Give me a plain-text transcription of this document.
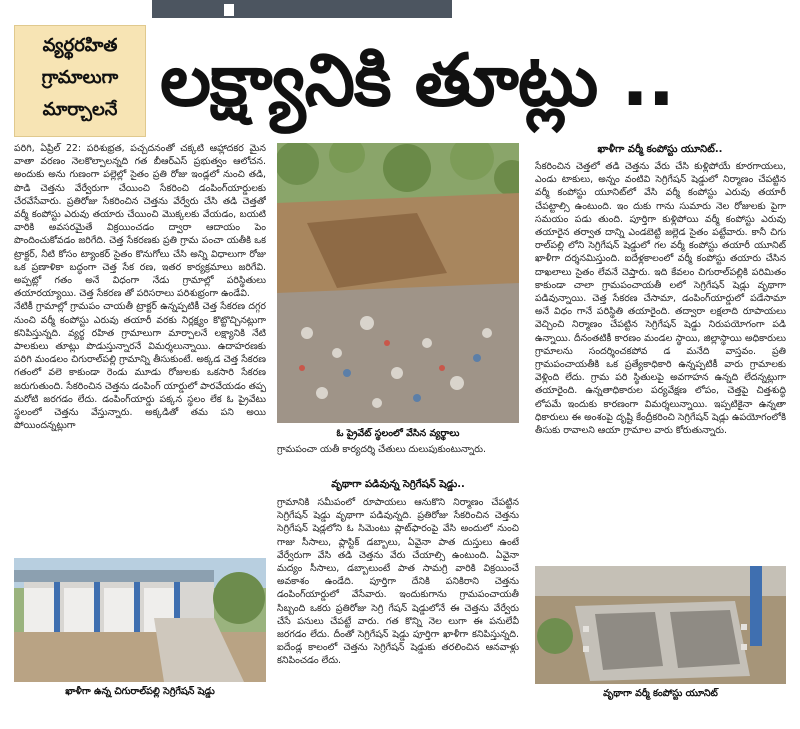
వ్యర్థరహిత
గ్రామాలుగా
మార్చాలనే లక్ష్యానికి తూట్లు ..

పరిగి, ఏప్రిల్ 22: పరిశుభ్రత, పచ్చదనంతో చక్కటి ఆహ్లాదకర మైన వాతా వరణం నెలకొల్పాలన్నది గత బీఆర్ఎస్ ప్రభుత్వం ఆలోచన. అందుకు అను గుణంగా పల్లెల్లో సైతం ప్రతి రోజు ఇండ్లలో నుంచి తడి, పొడి చెత్తను వేర్వేరుగా చేయించి సేకరించి డంపింగ్‌యార్డులకు చేరవేసేవారు. ప్రతిరోజు సేకరించిన చెత్తను వేర్వేరు చేసి తడి చెత్తతో వర్మీ కంపోస్టు ఎరువు తయారు చేయించి మొక్కలకు వేయడం, బయటి వారికి అవసరమైతే విక్రయించడం ద్వారా ఆదాయం పెం పొందించుకోవడం జరిగేది. చెత్త సేకరణకు ప్రతి గ్రామ పంచా యతీకి ఒక ట్రాక్టర్, నీటి కోసం ట్యాంకర్ సైతం కొనుగోలు చేసి అన్ని విధాలుగా రోజు ఒక ప్రణాళికా బద్ధంగా చెత్త సేక రణ, ఇతర కార్యక్రమాలు జరిగేవి. అప్పట్లో గతం అనే విధంగా నేడు గ్రామాల్లో పరిస్థితులు తయారయ్యాయి. చెత్త సేకరణ తో పరిసరాలు పరిశుభ్రంగా ఉండేవి.

నేటికీ గ్రామాల్లో గ్రామపం చాయతీ ట్రాక్టర్ ఉన్నప్పటికీ చెత్త సేకరణ దగ్గర నుంచి వర్మీ కంపోస్టు ఎరువు తయారీ వరకు నిర్లక్ష్యం కొట్టొచ్చినట్లుగా కనిపిస్తున్నది. వ్యర్థ రహిత గ్రామాలుగా మార్చాలనే లక్ష్యానికి నేటి పాలకులు తూట్లు పొడుస్తున్నారనే విమర్శలున్నాయి. ఉదాహరణకు పరిగి మండలం చిగురాల్‌పల్లి గ్రామాన్ని తీసుకుంటే. అక్కడ చెత్త సేకరణ గతంలో వలె కాకుండా రెండు మూడు రోజులకు ఒకసారి సేకరణ జరుగుతుంది. సేకరించిన చెత్తను డంపింగ్ యార్డులో పారవేయడం తప్ప మరోటి జరగడం లేదు. డంపింగ్‌యార్డు పక్కన స్థలం లేక ఓ ప్రైవేటు స్థలంలో చెత్తను వేస్తున్నారు. అక్కడితో తమ పని అయి పోయిందన్నట్లుగా

ఓ ప్రైవేట్ స్థలంలో వేసిన వ్యర్థాలు
గ్రామపంచా యతీ కార్యదర్శి చేతులు దులుపుకుంటున్నారు.
వృథాగా పడివున్న సెగ్రిగేషన్ షెడ్డు..
గ్రామానికి సమీపంలో రూపాయలు ఆనుకొని నిర్మాణం చేపట్టిన సెగ్రిగేషన్ షెడ్డు వృథాగా పడివున్నది. ప్రతిరోజు సేకరించిన చెత్తను సెగ్రిగేషన్ షెడ్లలోని ఓ సిమెంటు ప్లాట్‌ఫారంపై వేసి అందులో నుంచి గాజు సీసాలు, ప్లాస్టిక్ డబ్బాలు, ఏవైనా పాత దుస్తులు ఉంటే వేర్వేరుగా వేసి తడి చెత్తను వేరు చేయాల్సి ఉంటుంది. ఏవైనా మద్యం సీసాలు, డబ్బాలుంటే పాత సామగ్రి వారికి విక్రయించే అవకాశం ఉండేది. పూర్తిగా దేనికి పనికిరాని చెత్తను డంపింగ్‌యార్డులో వేసేవారు. ఇందుకుగాను గ్రామపంచాయతీ సిబ్బంది ఒకరు ప్రతిరోజు సెగ్రి గేషన్ షెడ్డులోనే ఈ చెత్తను వేర్వేరు చేసే పనులు చేపట్టే వారు. గత కొన్ని నెల లుగా ఈ పనులేవీ జరగడం లేదు. దీంతో సెగ్రిగేషన్ షెడ్డు పూర్తిగా ఖాళీగా కనిపిస్తున్నది. ఐదేండ్ల కాలంలో చెత్తను సెగ్రిగేషన్ షెడ్డుకు తరలించిన ఆనవాళ్లు కనిపించడం లేదు.
ఖాళీగా వర్మీ కంపోస్టు యూనిట్..
సేకరించిన చెత్తలో తడి చెత్తను వేరు చేసి కుళ్లిపోయే కూరగాయలు, ఎండు టాకులు, అన్నం వంటివి సెగ్రిగేషన్ షెడ్డులో నిర్మాణం చేపట్టిన వర్మీ కంపోస్టు యూనిట్‌లో వేసి వర్మీ కంపోస్టు ఎరువు తయారీ చేపట్టాల్సి ఉంటుంది. ఇం దుకు గాను సుమారు నెల రోజులకు పైగా సమయం పడు తుంది. పూర్తిగా కుళ్లిపోయి వర్మీ కంపోస్టు ఎరువు తయారైన తర్వాత దాన్ని ఎండబెట్టి జల్లెడ సైతం పట్టేవారు. కానీ చిగు రాల్‌పల్లి లోని సెగ్రిగేషన్ షెడ్డులో గల వర్మీ కంపోస్టు తయారీ యూనిట్ ఖాళీగా దర్శనమిస్తుంది. ఐదేళ్లకాలంలో వర్మీ కంపోస్టు తయారు చేసిన దాఖలాలు సైతం లేవనే చెప్తారు. ఇది కేవలం చిగురాల్‌పల్లికి పరిమితం కాకుండా చాలా గ్రామపంచాయతీ లలో సెగ్రిగేషన్ షెడ్లు వృథాగా పడివున్నాయి. చెత్త సేకరణ చేసామా, డంపింగ్‌యార్డులో పడేసామా అనే విధం గానే పరిస్థితి తయారైంది. తద్వారా లక్షలాది రూపాయలు వెచ్చించి నిర్మాణం చేపట్టిన సెగ్రిగేషన్ షెడ్డు నిరుపయోగంగా పడి ఉన్నాయి. దీనంతటికీ కారణం మండల స్థాయి, జిల్లాస్థాయి అధికారులు గ్రామాలను సందర్శించకపోవ డ మనేది వాస్తవం. ప్రతి గ్రామపంచాయతీకి ఒక ప్రత్యేకాధికారి ఉన్నప్పటికీ వారు గ్రామాలకు వెళ్లింది లేదు. గ్రామ పరి స్థితులపై అవగాహన ఉన్నది లేదన్నట్లుగా తయారైంది. ఉన్నతాధికారుల పర్యవేక్షణ లోపం, చెత్తపై చిత్తశుద్ధి లోపమే ఇందుకు కారణంగా విమర్శలున్నాయి. ఇప్పటికైనా ఉన్నతా ధికారులు ఈ అంశంపై దృష్టి కేంద్రీకరించి సెగ్రిగేషన్ షెడ్లు ఉపయోగంలోకి తీసుకు రావాలని ఆయా గ్రామాల వారు కోరుతున్నారు.
ఖాళీగా ఉన్న చిగురాల్‌పల్లి సెగ్రిగేషన్ షెడ్డు	వృథాగా వర్మీ కంపోస్టు యూనిట్
